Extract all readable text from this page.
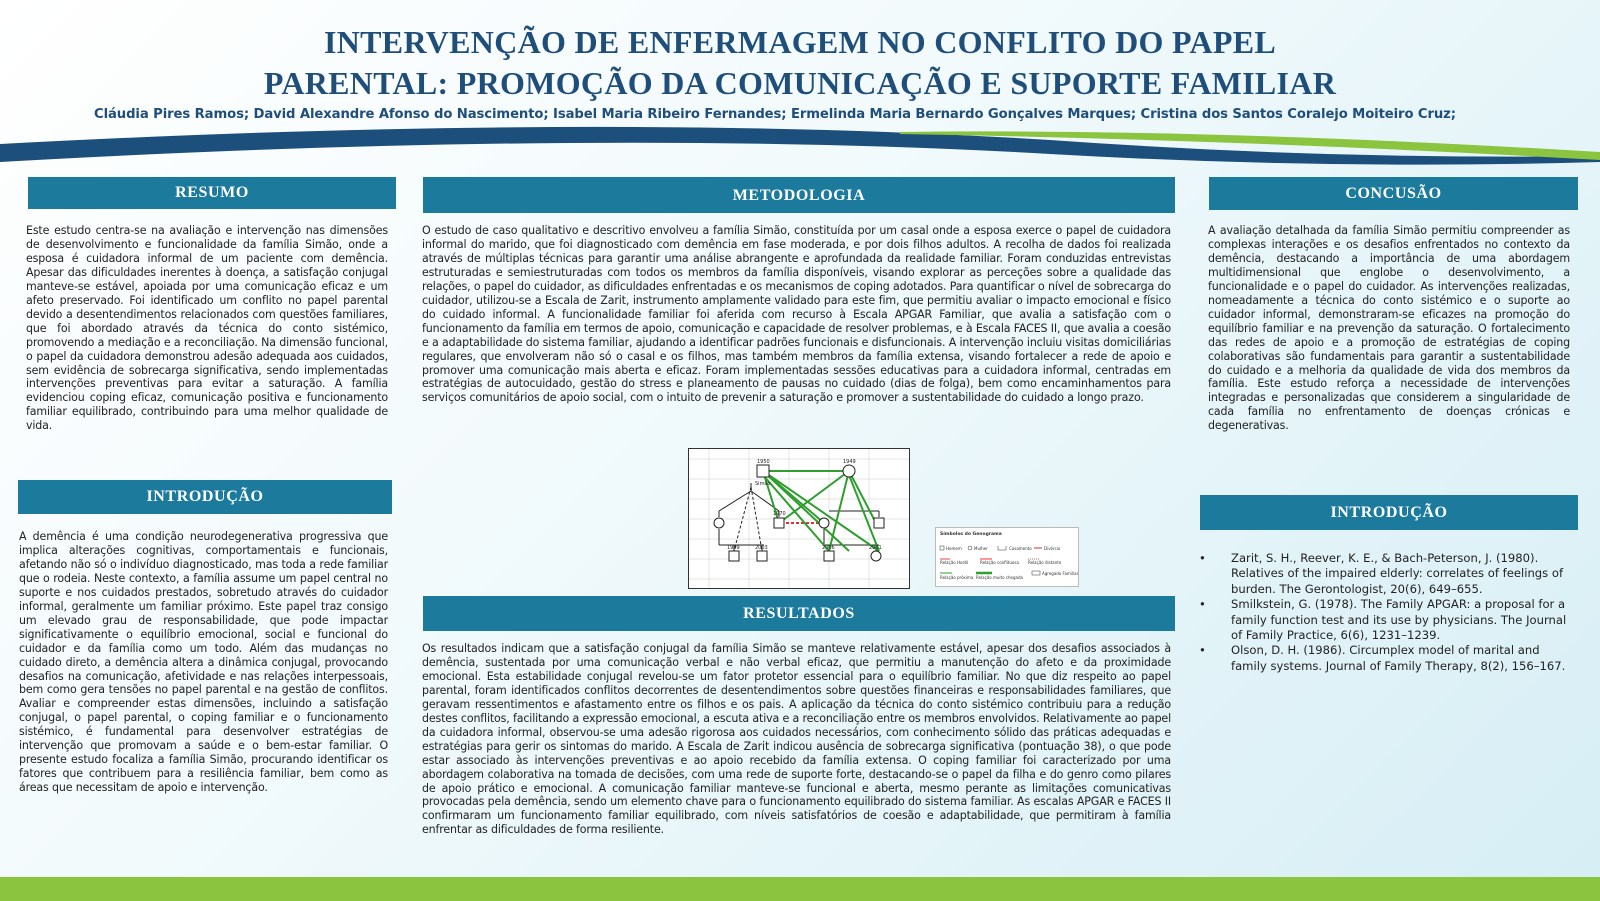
INTERVENÇÃO DE ENFERMAGEM NO CONFLITO DO PAPEL
PARENTAL: PROMOÇÃO DA COMUNICAÇÃO E SUPORTE FAMILIAR
Cláudia Pires Ramos; David Alexandre Afonso do Nascimento; Isabel Maria Ribeiro Fernandes; Ermelinda Maria Bernardo Gonçalves Marques; Cristina dos Santos Coralejo Moiteiro Cruz;
RESUMO

Este estudo centra-se na avaliação e intervenção nas dimensões de desenvolvimento e funcionalidade da família Simão, onde a esposa é cuidadora informal de um paciente com demência. Apesar das dificuldades inerentes à doença, a satisfação conjugal manteve-se estável, apoiada por uma comunicação eficaz e um afeto preservado. Foi identificado um conflito no papel parental devido a desentendimentos relacionados com questões familiares, que foi abordado através da técnica do conto sistémico, promovendo a mediação e a reconciliação. Na dimensão funcional, o papel da cuidadora demonstrou adesão adequada aos cuidados, sem evidência de sobrecarga significativa, sendo implementadas intervenções preventivas para evitar a saturação. A família evidenciou coping eficaz, comunicação positiva e funcionamento familiar equilibrado, contribuindo para uma melhor qualidade de vida.

INTRODUÇÃO

A demência é uma condição neurodegenerativa progressiva que implica alterações cognitivas, comportamentais e funcionais, afetando não só o indivíduo diagnosticado, mas toda a rede familiar que o rodeia. Neste contexto, a família assume um papel central no suporte e nos cuidados prestados, sobretudo através do cuidador informal, geralmente um familiar próximo. Este papel traz consigo um elevado grau de responsabilidade, que pode impactar significativamente o equilíbrio emocional, social e funcional do cuidador e da família como um todo. Além das mudanças no cuidado direto, a demência altera a dinâmica conjugal, provocando desafios na comunicação, afetividade e nas relações interpessoais, bem como gera tensões no papel parental e na gestão de conflitos. Avaliar e compreender estas dimensões, incluindo a satisfação conjugal, o papel parental, o coping familiar e o funcionamento sistémico, é fundamental para desenvolver estratégias de intervenção que promovam a saúde e o bem-estar familiar. O presente estudo focaliza a família Simão, procurando identificar os fatores que contribuem para a resiliência familiar, bem como as áreas que necessitam de apoio e intervenção.

METODOLOGIA

O estudo de caso qualitativo e descritivo envolveu a família Simão, constituída por um casal onde a esposa exerce o papel de cuidadora informal do marido, que foi diagnosticado com demência em fase moderada, e por dois filhos adultos. A recolha de dados foi realizada através de múltiplas técnicas para garantir uma análise abrangente e aprofundada da realidade familiar. Foram conduzidas entrevistas estruturadas e semiestruturadas com todos os membros da família disponíveis, visando explorar as perceções sobre a qualidade das relações, o papel do cuidador, as dificuldades enfrentadas e os mecanismos de coping adotados. Para quantificar o nível de sobrecarga do cuidador, utilizou-se a Escala de Zarit, instrumento amplamente validado para este fim, que permitiu avaliar o impacto emocional e físico do cuidado informal. A funcionalidade familiar foi aferida com recurso à Escala APGAR Familiar, que avalia a satisfação com o funcionamento da família em termos de apoio, comunicação e capacidade de resolver problemas, e à Escala FACES II, que avalia a coesão e a adaptabilidade do sistema familiar, ajudando a identificar padrões funcionais e disfuncionais. A intervenção incluiu visitas domiciliárias regulares, que envolveram não só o casal e os filhos, mas também membros da família extensa, visando fortalecer a rede de apoio e promover uma comunicação mais aberta e eficaz. Foram implementadas sessões educativas para a cuidadora informal, centradas em estratégias de autocuidado, gestão do stress e planeamento de pausas no cuidado (dias de folga), bem como encaminhamentos para serviços comunitários de apoio social, com o intuito de prevenir a saturação e promover a sustentabilidade do cuidado a longo prazo.

1950	1949
1970
1999	2003	2006	2001
Simão
Símbolos do Genograma
Homem	Mulher	Casamento	Divórcio
Relação Hostil	Relação conflituosa Relação distante
Relação próxima Relação muito chegada
Agregado Familiar
RESULTADOS

Os resultados indicam que a satisfação conjugal da família Simão se manteve relativamente estável, apesar dos desafios associados à demência, sustentada por uma comunicação verbal e não verbal eficaz, que permitiu a manutenção do afeto e da proximidade emocional. Esta estabilidade conjugal revelou-se um fator protetor essencial para o equilíbrio familiar. No que diz respeito ao papel parental, foram identificados conflitos decorrentes de desentendimentos sobre questões financeiras e responsabilidades familiares, que geravam ressentimentos e afastamento entre os filhos e os pais. A aplicação da técnica do conto sistémico contribuiu para a redução destes conflitos, facilitando a expressão emocional, a escuta ativa e a reconciliação entre os membros envolvidos. Relativamente ao papel da cuidadora informal, observou-se uma adesão rigorosa aos cuidados necessários, com conhecimento sólido das práticas adequadas e estratégias para gerir os sintomas do marido. A Escala de Zarit indicou ausência de sobrecarga significativa (pontuação 38), o que pode estar associado às intervenções preventivas e ao apoio recebido da família extensa. O coping familiar foi caracterizado por uma abordagem colaborativa na tomada de decisões, com uma rede de suporte forte, destacando-se o papel da filha e do genro como pilares de apoio prático e emocional. A comunicação familiar manteve-se funcional e aberta, mesmo perante as limitações comunicativas provocadas pela demência, sendo um elemento chave para o funcionamento equilibrado do sistema familiar. As escalas APGAR e FACES II confirmaram um funcionamento familiar equilibrado, com níveis satisfatórios de coesão e adaptabilidade, que permitiram à família enfrentar as dificuldades de forma resiliente.

CONCUSÃO

A avaliação detalhada da família Simão permitiu compreender as complexas interações e os desafios enfrentados no contexto da demência, destacando a importância de uma abordagem multidimensional que englobe o desenvolvimento, a funcionalidade e o papel do cuidador. As intervenções realizadas, nomeadamente a técnica do conto sistémico e o suporte ao cuidador informal, demonstraram-se eficazes na promoção do equilíbrio familiar e na prevenção da saturação. O fortalecimento das redes de apoio e a promoção de estratégias de coping colaborativas são fundamentais para garantir a sustentabilidade do cuidado e a melhoria da qualidade de vida dos membros da família. Este estudo reforça a necessidade de intervenções integradas e personalizadas que considerem a singularidade de cada família no enfrentamento de doenças crónicas e degenerativas.

INTRODUÇÃO
• Zarit, S. H., Reever, K. E., & Bach-Peterson, J. (1980). Relatives of the impaired elderly: correlates of feelings of burden. The Gerontologist, 20(6), 649–655.
• Smilkstein, G. (1978). The Family APGAR: a proposal for a family function test and its use by physicians. The Journal of Family Practice, 6(6), 1231–1239.
• Olson, D. H. (1986). Circumplex model of marital and family systems. Journal of Family Therapy, 8(2), 156–167.
